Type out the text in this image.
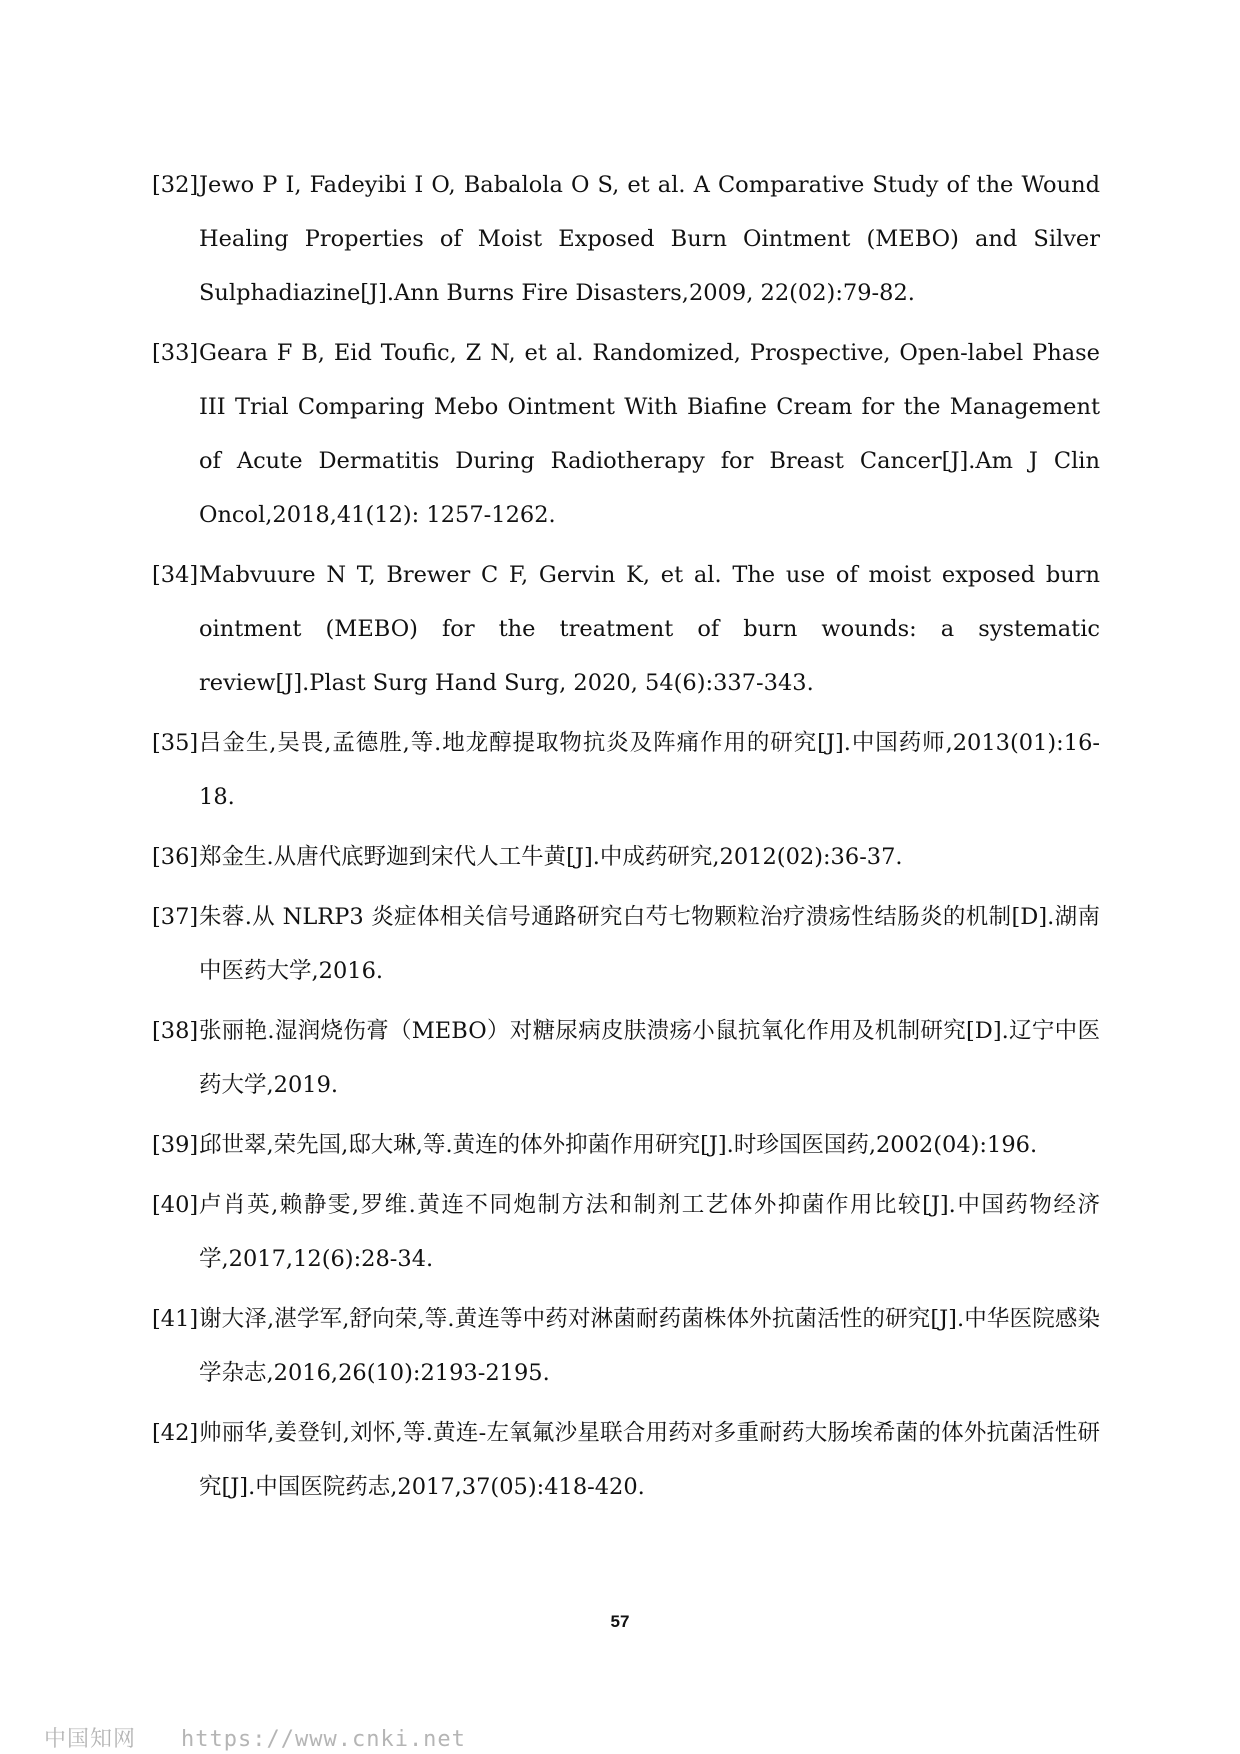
[32] Jewo P I, Fadeyibi I O, Babalola O S, et al. A Comparative Study of the Wound Healing Properties of Moist Exposed Burn Ointment (MEBO) and Silver Sulphadiazine[J].Ann Burns Fire Disasters,2009, 22(02):79-82.
[33] Geara F B, Eid Toufic, Z N, et al. Randomized, Prospective, Open-label Phase III Trial Comparing Mebo Ointment With Biafine Cream for the Management of Acute Dermatitis During Radiotherapy for Breast Cancer[J].Am J Clin Oncol,2018,41(12): 1257-1262.
[34] Mabvuure N T, Brewer C F, Gervin K, et al. The use of moist exposed burn ointment (MEBO) for the treatment of burn wounds: a systematic review[J].Plast Surg Hand Surg, 2020, 54(6):337-343.
[35] 吕金生,吴畏,孟德胜,等.地龙醇提取物抗炎及阵痛作用的研究[J].中国药师,2013(01):16-18.
[36] 郑金生.从唐代底野迦到宋代人工牛黄[J].中成药研究,2012(02):36-37.
[37] 朱蓉.从 NLRP3 炎症体相关信号通路研究白芍七物颗粒治疗溃疡性结肠炎的机制[D].湖南中医药大学,2016.
[38] 张丽艳.湿润烧伤膏（MEBO）对糖尿病皮肤溃疡小鼠抗氧化作用及机制研究[D].辽宁中医药大学,2019.
[39] 邱世翠,荣先国,邸大琳,等.黄连的体外抑菌作用研究[J].时珍国医国药,2002(04):196.
[40] 卢肖英,赖静雯,罗维.黄连不同炮制方法和制剂工艺体外抑菌作用比较[J].中国药物经济学,2017,12(6):28-34.
[41] 谢大泽,湛学军,舒向荣,等.黄连等中药对淋菌耐药菌株体外抗菌活性的研究[J].中华医院感染学杂志,2016,26(10):2193-2195.
[42] 帅丽华,姜登钊,刘怀,等.黄连-左氧氟沙星联合用药对多重耐药大肠埃希菌的体外抗菌活性研究[J].中国医院药志,2017,37(05):418-420.
57
中国知网 https://www.cnki.net
